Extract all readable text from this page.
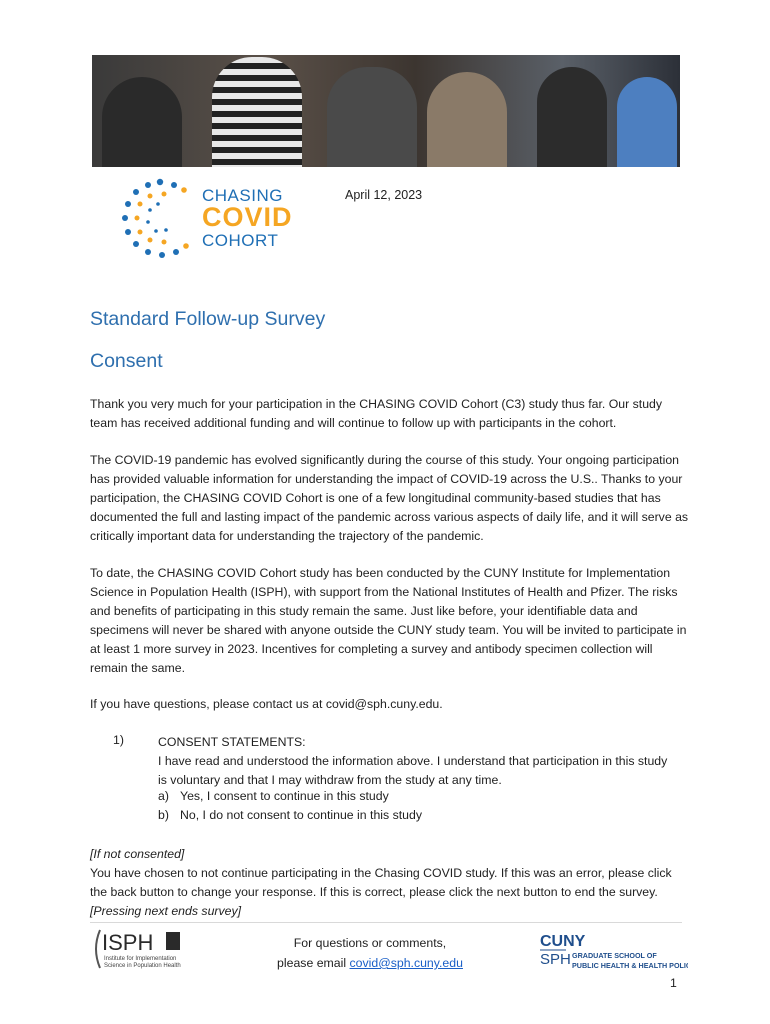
CHASING
COVID
COHORT
April 12, 2023
Standard Follow-up Survey
Consent
Thank you very much for your participation in the CHASING COVID Cohort (C3) study thus far. Our study team has received additional funding and will continue to follow up with participants in the cohort.
The COVID-19 pandemic has evolved significantly during the course of this study. Your ongoing participation has provided valuable information for understanding the impact of COVID-19 across the U.S.. Thanks to your participation, the CHASING COVID Cohort is one of a few longitudinal community-based studies that has documented the full and lasting impact of the pandemic across various aspects of daily life, and it will serve as critically important data for understanding the trajectory of the pandemic.
To date, the CHASING COVID Cohort study has been conducted by the CUNY Institute for Implementation Science in Population Health (ISPH), with support from the National Institutes of Health and Pfizer. The risks and benefits of participating in this study remain the same. Just like before, your identifiable data and specimens will never be shared with anyone outside the CUNY study team. You will be invited to participate in at least 1 more survey in 2023. Incentives for completing a survey and antibody specimen collection will remain the same.
If you have questions, please contact us at covid@sph.cuny.edu.
1)	CONSENT STATEMENTS:
I have read and understood the information above. I understand that participation in this study is voluntary and that I may withdraw from the study at any time.
a) Yes, I consent to continue in this study
b) No, I do not consent to continue in this study
[If not consented]
You have chosen to not continue participating in the Chasing COVID study. If this was an error, please click the back button to change your response. If this is correct, please click the next button to end the survey. [Pressing next ends survey]
ISPH
Institute for Implementation
Science in Population Health
For questions or comments,
please email covid@sph.cuny.edu
CUNY
SPH GRADUATE SCHOOL OF
PUBLIC HEALTH & HEALTH POLICY
1
